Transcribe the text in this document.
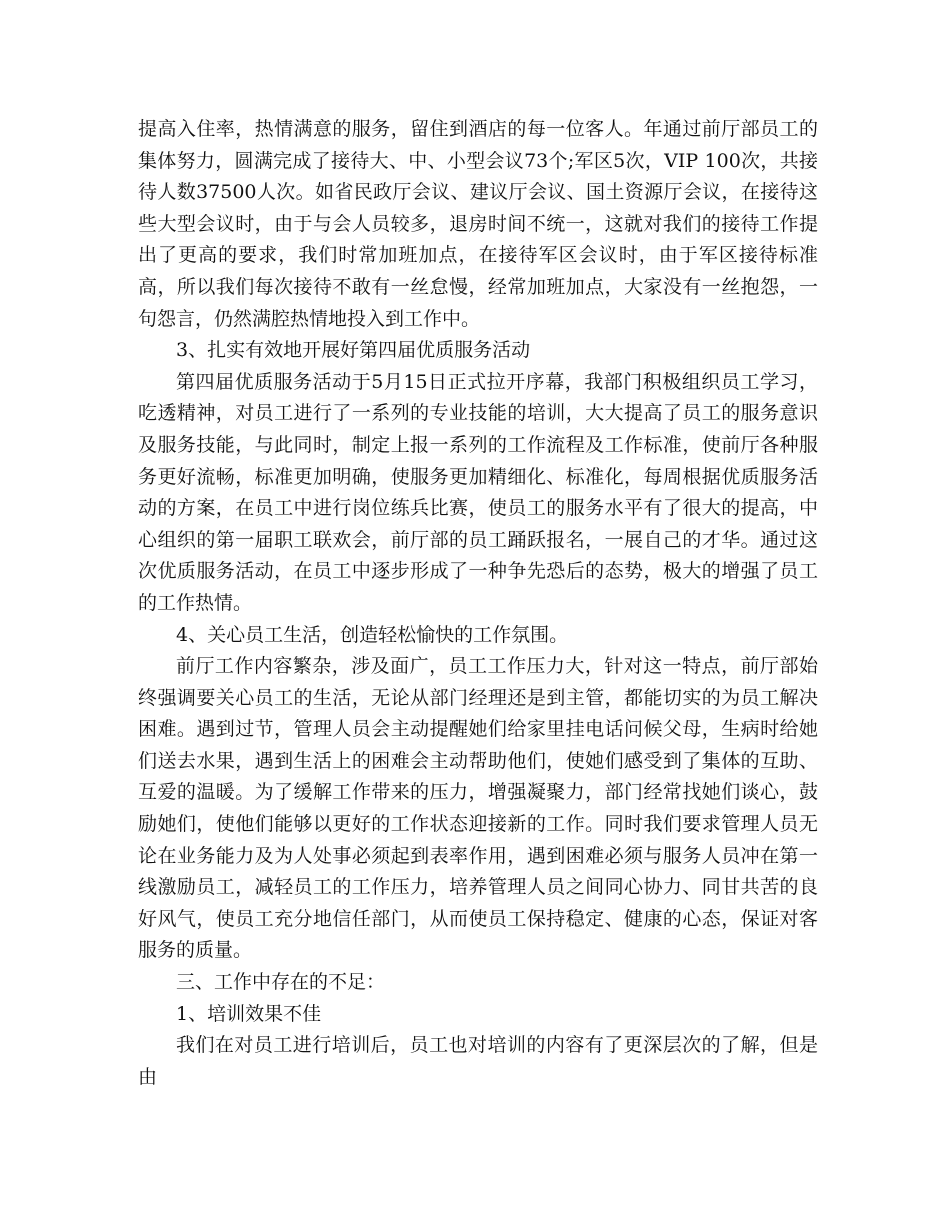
提高入住率，热情满意的服务，留住到酒店的每一位客人。年通过前厅部员工的集体努力，圆满完成了接待大、中、小型会议73个;军区5次，VIP 100次，共接待人数37500人次。如省民政厅会议、建议厅会议、国土资源厅会议，在接待这些大型会议时，由于与会人员较多，退房时间不统一，这就对我们的接待工作提出了更高的要求，我们时常加班加点，在接待军区会议时，由于军区接待标准高，所以我们每次接待不敢有一丝怠慢，经常加班加点，大家没有一丝抱怨，一句怨言，仍然满腔热情地投入到工作中。

3、扎实有效地开展好第四届优质服务活动

第四届优质服务活动于5月15日正式拉开序幕，我部门积极组织员工学习，吃透精神，对员工进行了一系列的专业技能的培训，大大提高了员工的服务意识及服务技能，与此同时，制定上报一系列的工作流程及工作标准，使前厅各种服务更好流畅，标准更加明确，使服务更加精细化、标准化，每周根据优质服务活动的方案，在员工中进行岗位练兵比赛，使员工的服务水平有了很大的提高，中心组织的第一届职工联欢会，前厅部的员工踊跃报名，一展自己的才华。通过这次优质服务活动，在员工中逐步形成了一种争先恐后的态势，极大的增强了员工的工作热情。

4、关心员工生活，创造轻松愉快的工作氛围。

前厅工作内容繁杂，涉及面广，员工工作压力大，针对这一特点，前厅部始终强调要关心员工的生活，无论从部门经理还是到主管，都能切实的为员工解决困难。遇到过节，管理人员会主动提醒她们给家里挂电话问候父母，生病时给她们送去水果，遇到生活上的困难会主动帮助他们，使她们感受到了集体的互助、互爱的温暖。为了缓解工作带来的压力，增强凝聚力，部门经常找她们谈心，鼓励她们，使他们能够以更好的工作状态迎接新的工作。同时我们要求管理人员无论在业务能力及为人处事必须起到表率作用，遇到困难必须与服务人员冲在第一线激励员工，减轻员工的工作压力，培养管理人员之间同心协力、同甘共苦的良好风气，使员工充分地信任部门，从而使员工保持稳定、健康的心态，保证对客服务的质量。

三、工作中存在的不足：

1、培训效果不佳

我们在对员工进行培训后，员工也对培训的内容有了更深层次的了解，但是由
